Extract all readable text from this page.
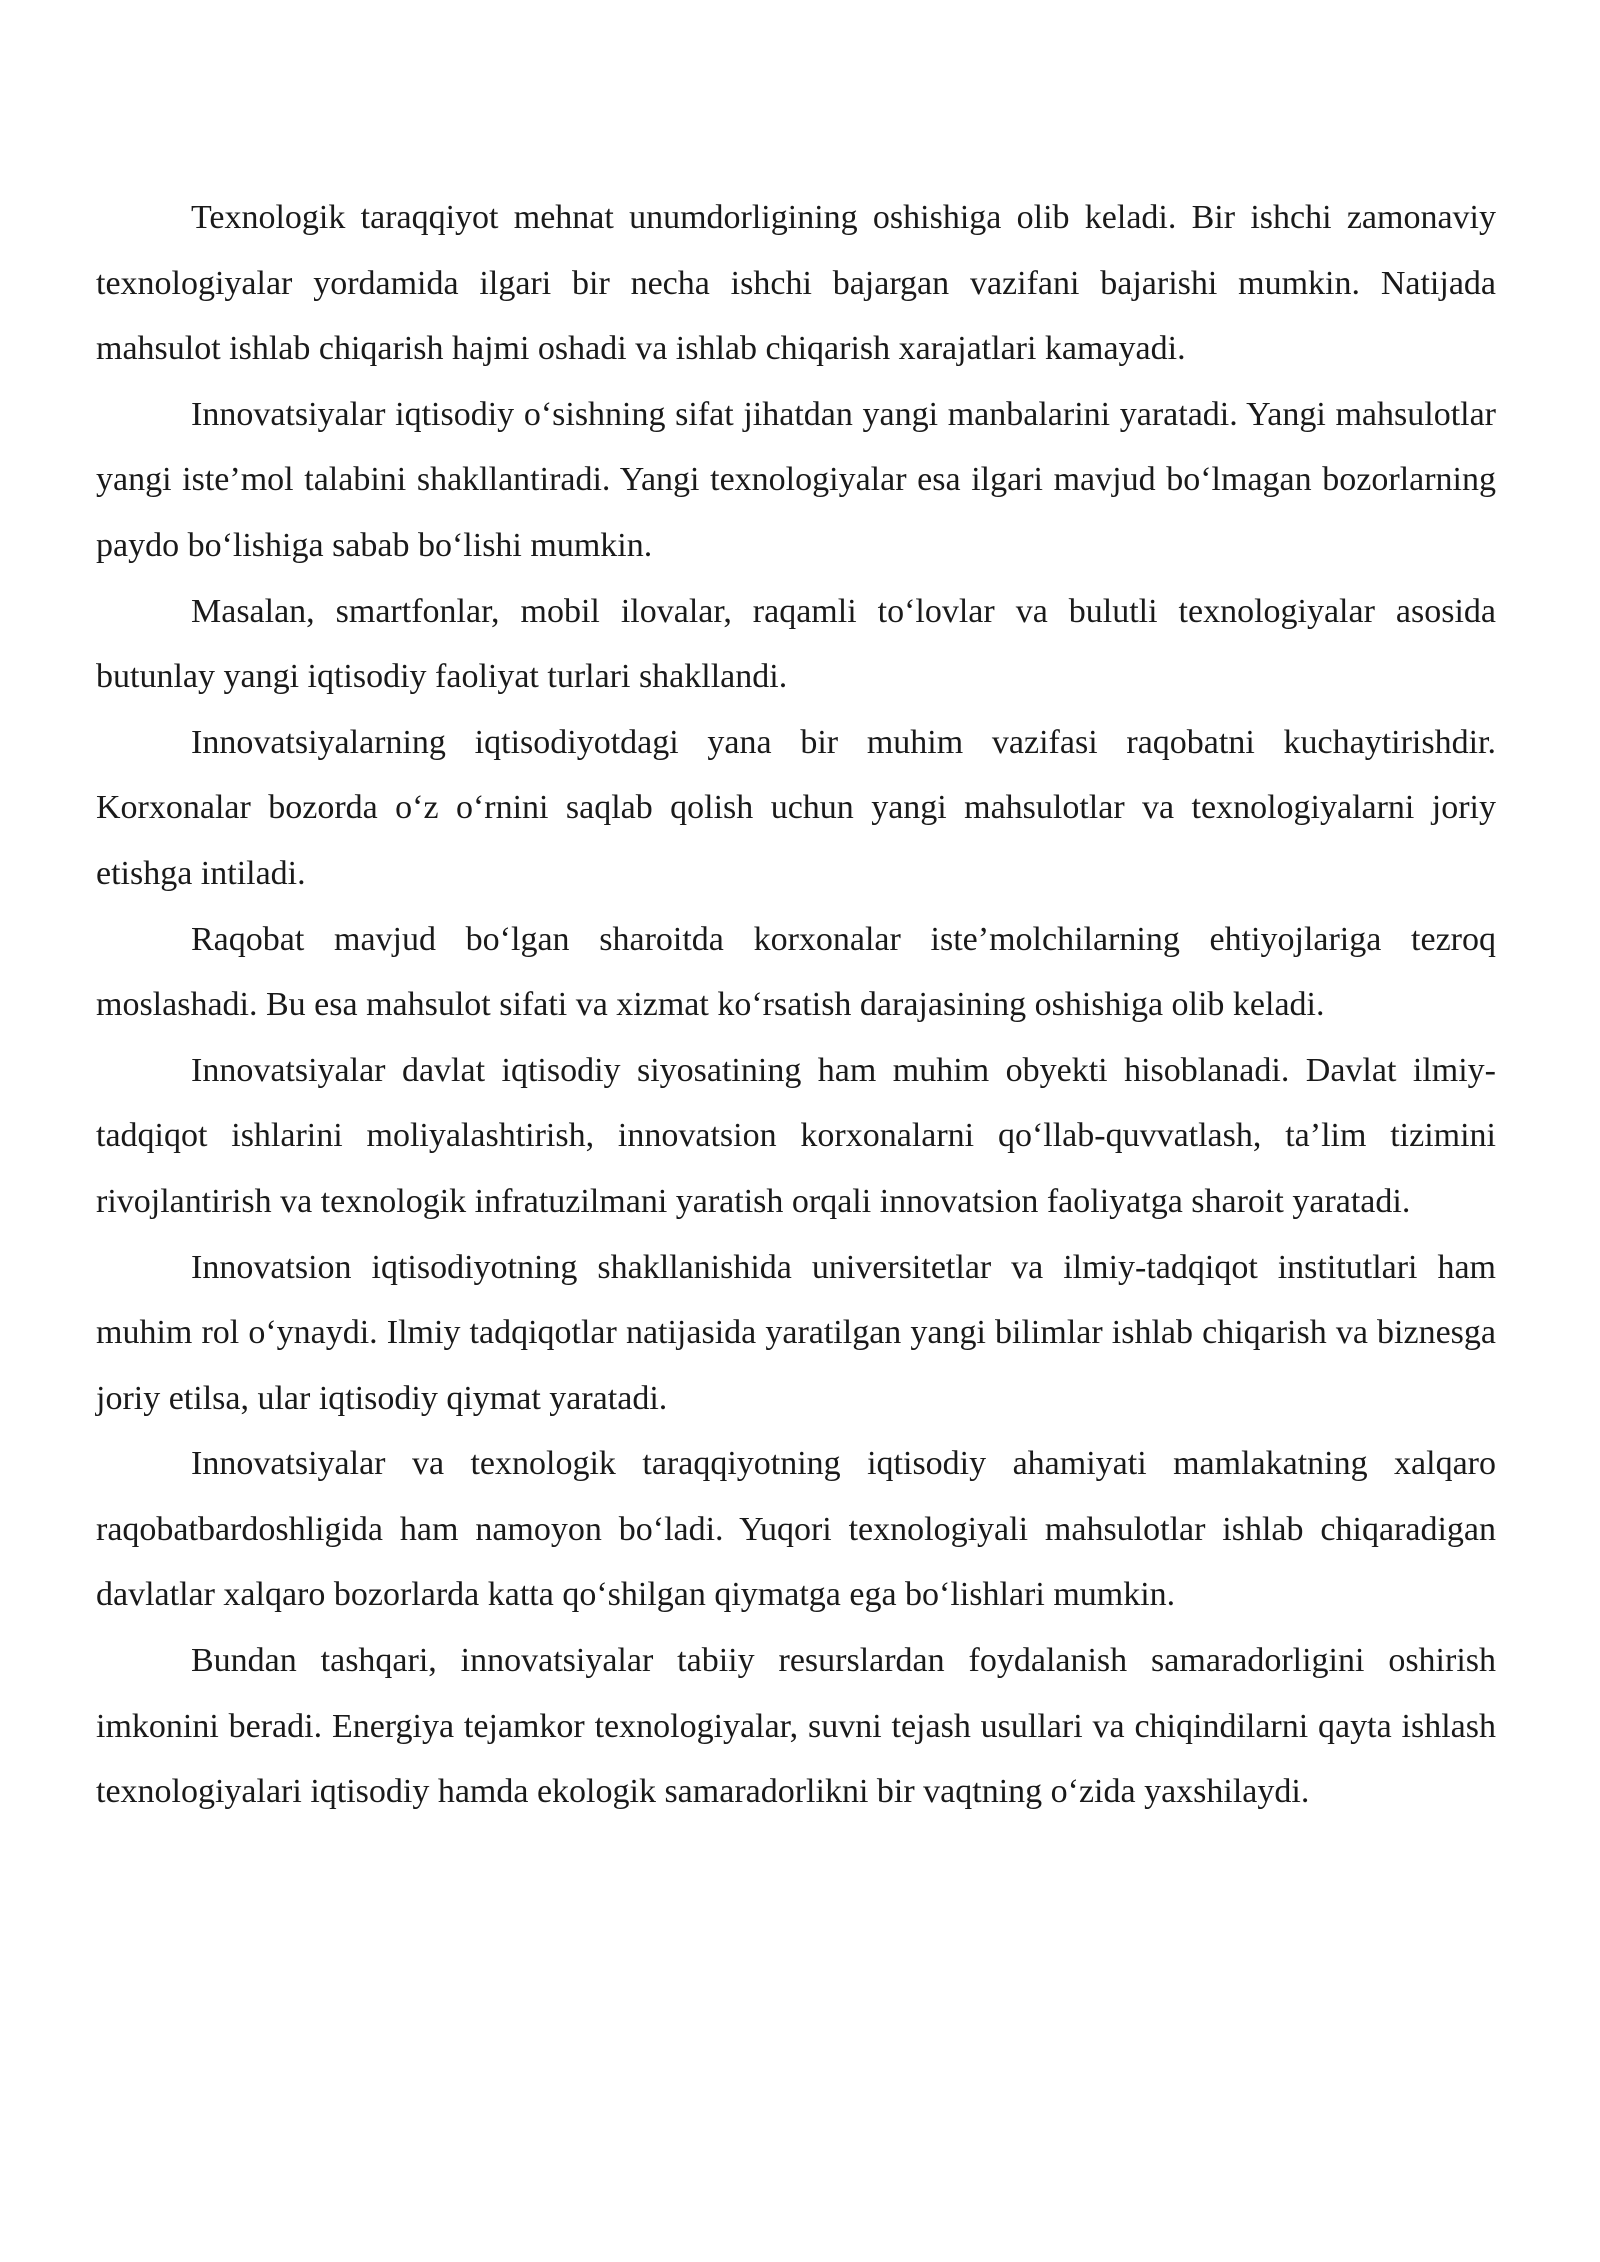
Texnologik taraqqiyot mehnat unumdorligining oshishiga olib keladi. Bir ishchi zamonaviy texnologiyalar yordamida ilgari bir necha ishchi bajargan vazifani bajarishi mumkin. Natijada mahsulot ishlab chiqarish hajmi oshadi va ishlab chiqarish xarajatlari kamayadi.

Innovatsiyalar iqtisodiy o‘sishning sifat jihatdan yangi manbalarini yaratadi. Yangi mahsulotlar yangi iste’mol talabini shakllantiradi. Yangi texnologiyalar esa ilgari mavjud bo‘lmagan bozorlarning paydo bo‘lishiga sabab bo‘lishi mumkin.

Masalan, smartfonlar, mobil ilovalar, raqamli to‘lovlar va bulutli texnologiyalar asosida butunlay yangi iqtisodiy faoliyat turlari shakllandi.

Innovatsiyalarning iqtisodiyotdagi yana bir muhim vazifasi raqobatni kuchaytirishdir. Korxonalar bozorda o‘z o‘rnini saqlab qolish uchun yangi mahsulotlar va texnologiyalarni joriy etishga intiladi.

Raqobat mavjud bo‘lgan sharoitda korxonalar iste’molchilarning ehtiyojlariga tezroq moslashadi. Bu esa mahsulot sifati va xizmat ko‘rsatish darajasining oshishiga olib keladi.

Innovatsiyalar davlat iqtisodiy siyosatining ham muhim obyekti hisoblanadi. Davlat ilmiy-tadqiqot ishlarini moliyalashtirish, innovatsion korxonalarni qo‘llab-quvvatlash, ta’lim tizimini rivojlantirish va texnologik infratuzilmani yaratish orqali innovatsion faoliyatga sharoit yaratadi.

Innovatsion iqtisodiyotning shakllanishida universitetlar va ilmiy-tadqiqot institutlari ham muhim rol o‘ynaydi. Ilmiy tadqiqotlar natijasida yaratilgan yangi bilimlar ishlab chiqarish va biznesga joriy etilsa, ular iqtisodiy qiymat yaratadi.

Innovatsiyalar va texnologik taraqqiyotning iqtisodiy ahamiyati mamlakatning xalqaro raqobatbardoshligida ham namoyon bo‘ladi. Yuqori texnologiyali mahsulotlar ishlab chiqaradigan davlatlar xalqaro bozorlarda katta qo‘shilgan qiymatga ega bo‘lishlari mumkin.

Bundan tashqari, innovatsiyalar tabiiy resurslardan foydalanish samaradorligini oshirish imkonini beradi. Energiya tejamkor texnologiyalar, suvni tejash usullari va chiqindilarni qayta ishlash texnologiyalari iqtisodiy hamda ekologik samaradorlikni bir vaqtning o‘zida yaxshilaydi.
